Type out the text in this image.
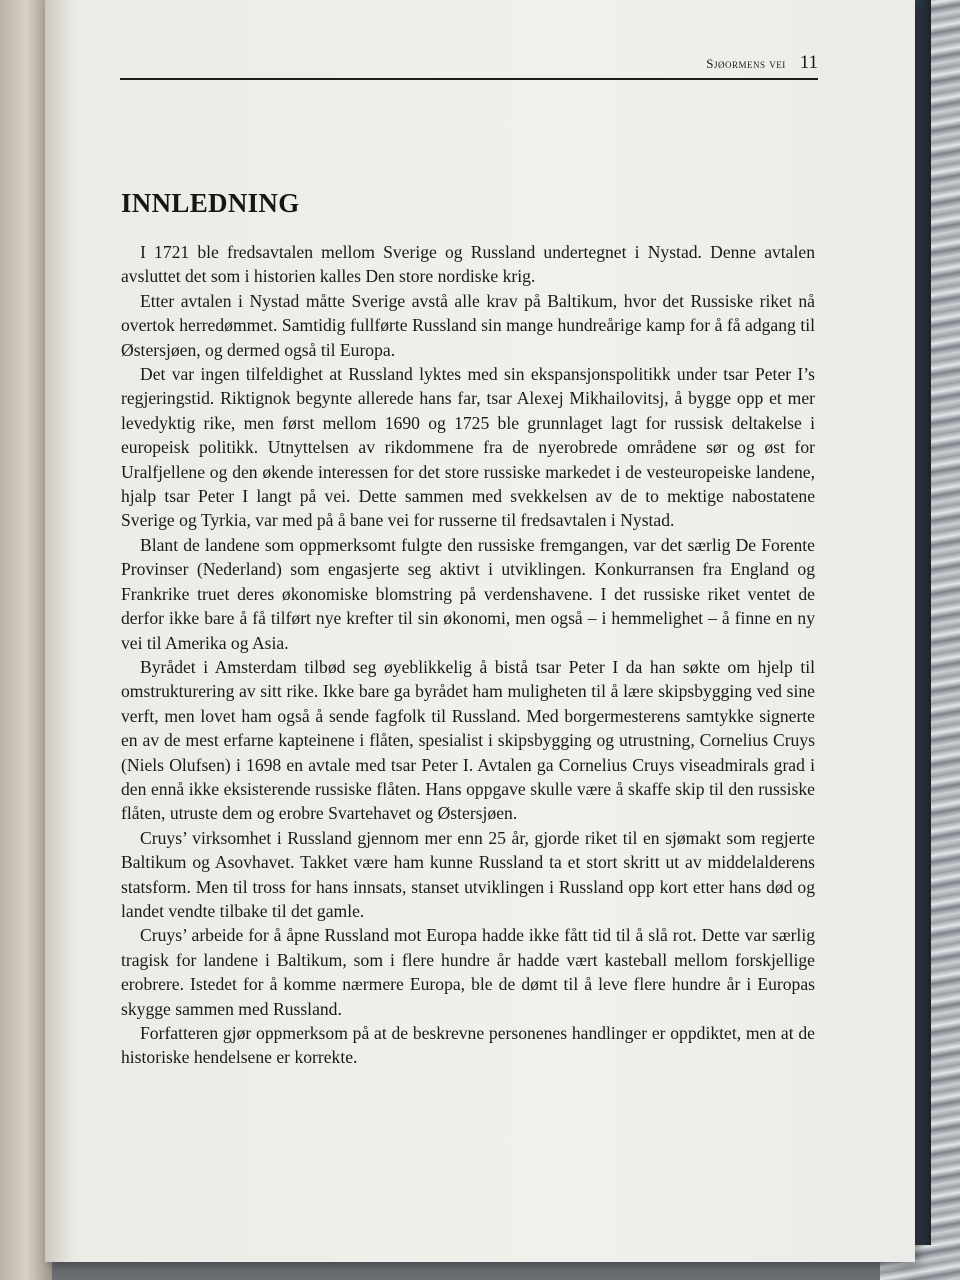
Sjøormens vei 11
INNLEDNING

I 1721 ble fredsavtalen mellom Sverige og Russland undertegnet i Nystad. Denne avtalen avsluttet det som i historien kalles Den store nordiske krig.

Etter avtalen i Nystad måtte Sverige avstå alle krav på Baltikum, hvor det Russiske riket nå overtok herredømmet. Samtidig fullførte Russland sin mange hundreårige kamp for å få adgang til Østersjøen, og dermed også til Europa.

Det var ingen tilfeldighet at Russland lyktes med sin ekspansjonspolitikk under tsar Peter I’s regjeringstid. Riktignok begynte allerede hans far, tsar Alexej Mikhailovitsj, å bygge opp et mer levedyktig rike, men først mellom 1690 og 1725 ble grunnlaget lagt for russisk deltakelse i europeisk politikk. Utnyttelsen av rikdommene fra de nyerobrede områdene sør og øst for Uralfjellene og den økende interessen for det store russiske markedet i de vesteuropeiske landene, hjalp tsar Peter I langt på vei. Dette sammen med svekkelsen av de to mektige nabostatene Sverige og Tyrkia, var med på å bane vei for russerne til fredsavtalen i Nystad.

Blant de landene som oppmerksomt fulgte den russiske fremgangen, var det særlig De Forente Provinser (Nederland) som engasjerte seg aktivt i utviklingen. Konkurransen fra England og Frankrike truet deres økonomiske blomstring på verdenshavene. I det russiske riket ventet de derfor ikke bare å få tilført nye krefter til sin økonomi, men også – i hemmelighet – å finne en ny vei til Amerika og Asia.

Byrådet i Amsterdam tilbød seg øyeblikkelig å bistå tsar Peter I da han søkte om hjelp til omstrukturering av sitt rike. Ikke bare ga byrådet ham muligheten til å lære skipsbygging ved sine verft, men lovet ham også å sende fagfolk til Russland. Med borgermesterens samtykke signerte en av de mest erfarne kapteinene i flåten, spesialist i skipsbygging og utrustning, Cornelius Cruys (Niels Olufsen) i 1698 en avtale med tsar Peter I. Avtalen ga Cornelius Cruys viseadmirals grad i den ennå ikke eksisterende russiske flåten. Hans oppgave skulle være å skaffe skip til den russiske flåten, utruste dem og erobre Svartehavet og Østersjøen.

Cruys’ virksomhet i Russland gjennom mer enn 25 år, gjorde riket til en sjømakt som regjerte Baltikum og Asovhavet. Takket være ham kunne Russland ta et stort skritt ut av middelalderens statsform. Men til tross for hans innsats, stanset utviklingen i Russland opp kort etter hans død og landet vendte tilbake til det gamle.

Cruys’ arbeide for å åpne Russland mot Europa hadde ikke fått tid til å slå rot. Dette var særlig tragisk for landene i Baltikum, som i flere hundre år hadde vært kasteball mellom forskjellige erobrere. Istedet for å komme nærmere Europa, ble de dømt til å leve flere hundre år i Europas skygge sammen med Russland.

Forfatteren gjør oppmerksom på at de beskrevne personenes handlinger er oppdiktet, men at de historiske hendelsene er korrekte.
